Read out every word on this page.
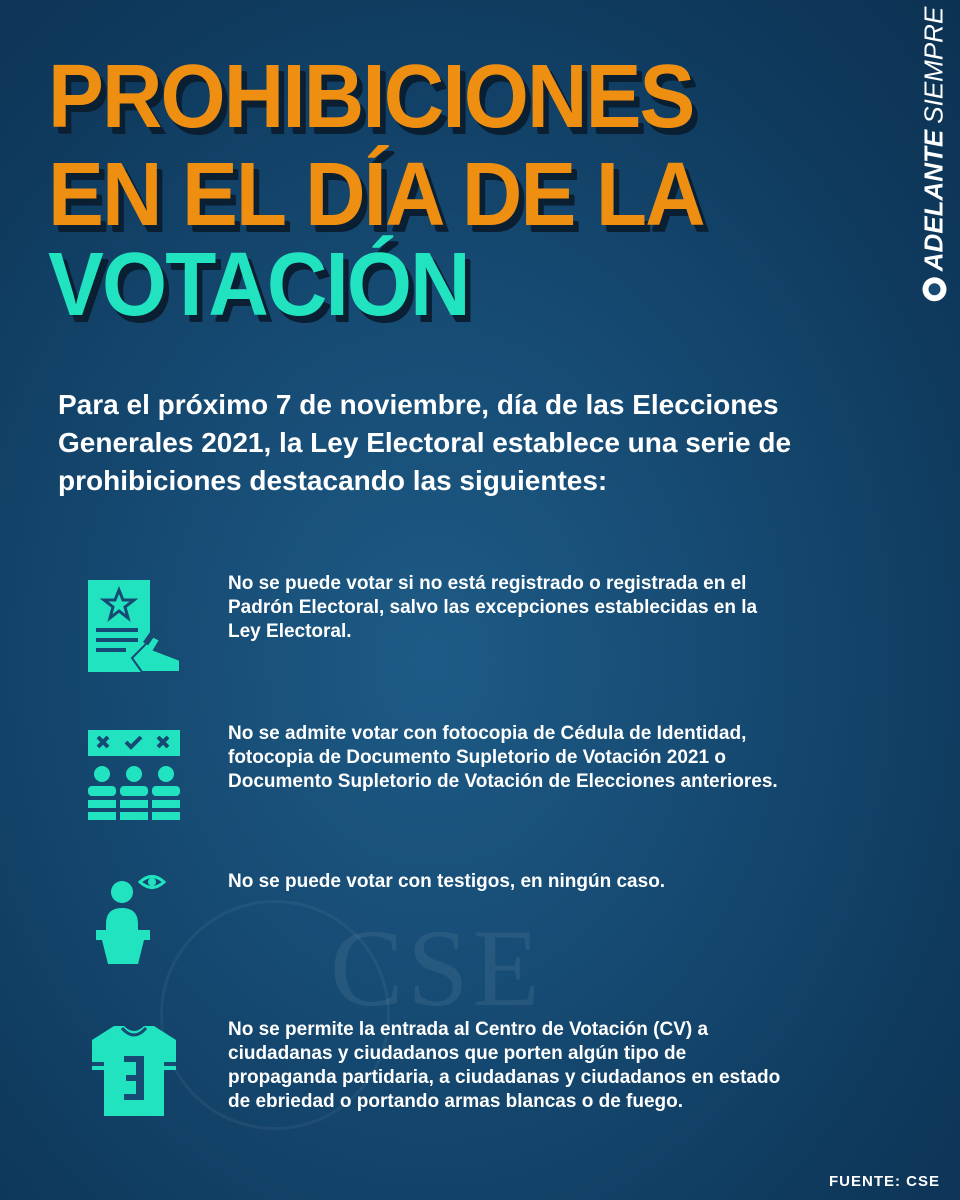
CSE
PROHIBICIONES
EN EL DÍA DE LA
VOTACIÓN
ADELANTE
SIEMPRE

Para el próximo 7 de noviembre, día de las Elecciones Generales 2021, la Ley Electoral establece una serie de prohibiciones destacando las siguientes:

No se puede votar si no está registrado o registrada en el Padrón Electoral, salvo las excepciones establecidas en la Ley Electoral.

No se admite votar con fotocopia de Cédula de Identidad, fotocopia de Documento Supletorio de Votación 2021 o Documento Supletorio de Votación de Elecciones anteriores.

No se puede votar con testigos, en ningún caso.

No se permite la entrada al Centro de Votación (CV) a ciudadanas y ciudadanos que porten algún tipo de propaganda partidaria, a ciudadanas y ciudadanos en estado de ebriedad o portando armas blancas o de fuego.

FUENTE: CSE
